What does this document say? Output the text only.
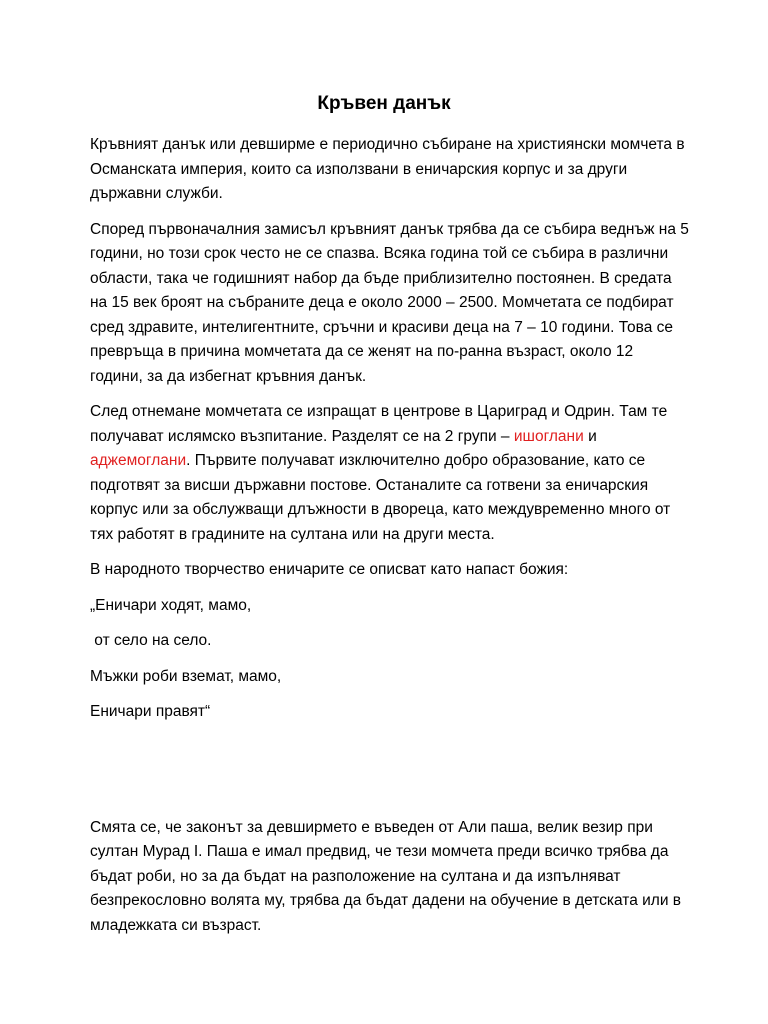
Кръвен данък

Кръвният данък или девширме е периодично събиране на християнски момчета в Османската империя, които са използвани в еничарския корпус и за други държавни служби.

Според първоначалния замисъл кръвният данък трябва да се събира веднъж на 5 години, но този срок често не се спазва. Всяка година той се събира в различни области, така че годишният набор да бъде приблизително постоянен. В средата на 15 век броят на събраните деца е около 2000 – 2500. Момчетата се подбират сред здравите, интелигентните, сръчни и красиви деца на 7 – 10 години. Това се превръща в причина момчетата да се женят на по-ранна възраст, около 12 години, за да избегнат кръвния данък.

След отнемане момчетата се изпращат в центрове в Цариград и Одрин. Там те получават ислямско възпитание. Разделят се на 2 групи – ишоглани и аджемоглани. Първите получават изключително добро образование, като се подготвят за висши държавни постове. Останалите са готвени за еничарския корпус или за обслужващи длъжности в двореца, като междувременно много от тях работят в градините на султана или на други места.

В народното творчество еничарите се описват като напаст божия:

„Еничари ходят, мамо,

от село на село.

Мъжки роби вземат, мамо,

Еничари правят“

Смята се, че законът за девширмето е въведен от Али паша, велик везир при султан Мурад I. Паша е имал предвид, че тези момчета преди всичко трябва да бъдат роби, но за да бъдат на разположение на султана и да изпълняват безпрекословно волята му, трябва да бъдат дадени на обучение в детската или в младежката си възраст.
